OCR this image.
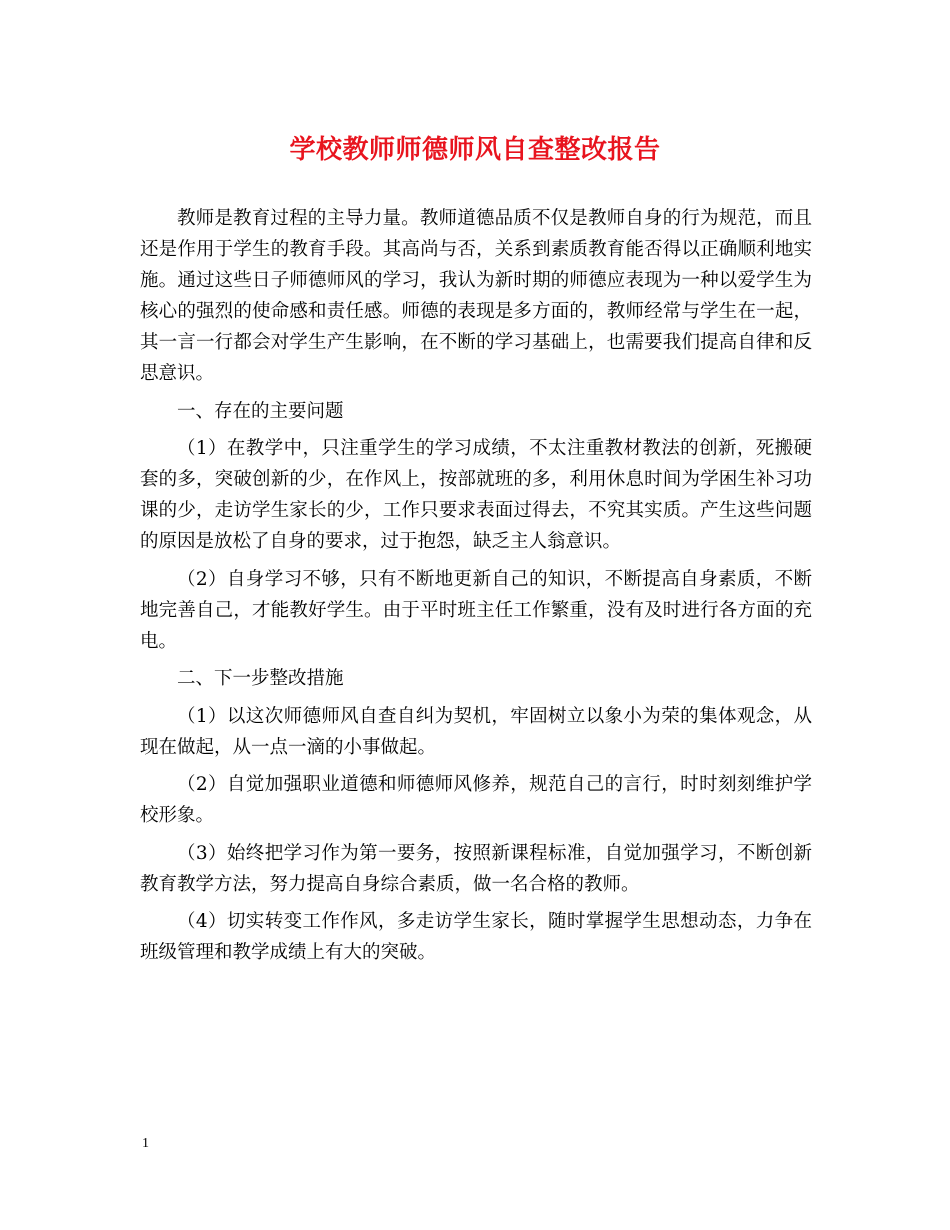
学校教师师德师风自查整改报告

教师是教育过程的主导力量。教师道德品质不仅是教师自身的行为规范，而且还是作用于学生的教育手段。其高尚与否，关系到素质教育能否得以正确顺利地实施。通过这些日子师德师风的学习，我认为新时期的师德应表现为一种以爱学生为核心的强烈的使命感和责任感。师德的表现是多方面的，教师经常与学生在一起，其一言一行都会对学生产生影响，在不断的学习基础上，也需要我们提高自律和反思意识。

一、存在的主要问题

（1）在教学中，只注重学生的学习成绩，不太注重教材教法的创新，死搬硬套的多，突破创新的少，在作风上，按部就班的多，利用休息时间为学困生补习功课的少，走访学生家长的少，工作只要求表面过得去，不究其实质。产生这些问题的原因是放松了自身的要求，过于抱怨，缺乏主人翁意识。

（2）自身学习不够，只有不断地更新自己的知识，不断提高自身素质，不断地完善自己，才能教好学生。由于平时班主任工作繁重，没有及时进行各方面的充电。

二、下一步整改措施

（1）以这次师德师风自查自纠为契机，牢固树立以象小为荣的集体观念，从现在做起，从一点一滴的小事做起。

（2）自觉加强职业道德和师德师风修养，规范自己的言行，时时刻刻维护学校形象。

（3）始终把学习作为第一要务，按照新课程标准，自觉加强学习，不断创新教育教学方法，努力提高自身综合素质，做一名合格的教师。

（4）切实转变工作作风，多走访学生家长，随时掌握学生思想动态，力争在班级管理和教学成绩上有大的突破。

1
